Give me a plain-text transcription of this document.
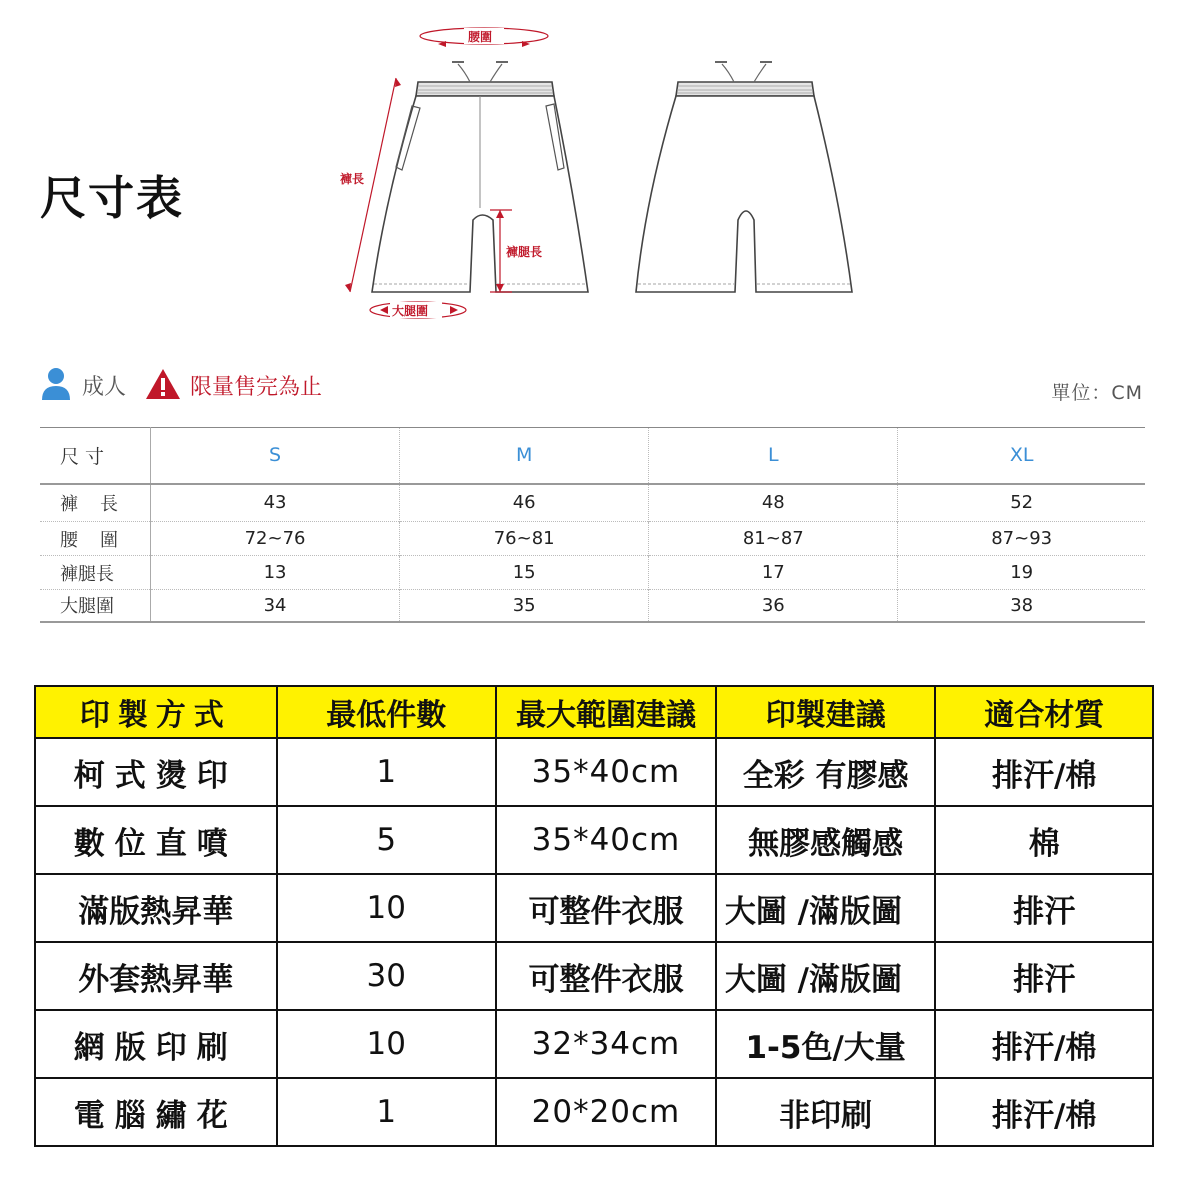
尺寸表
腰圍
褲長
褲腿長
大腿圍
成人	限量售完為止	單位：CM
尺寸	S	M	L	XL
褲長	43	46	48	52
腰圍	72~76	76~81	81~87	87~93
褲腿長	13	15	17	19
大腿圍	34	35	36	38
印製方式	最低件數	最大範圍建議	印製建議	適合材質
柯式燙印	1	35*40cm	全彩 有膠感	排汗/棉
數位直噴	5	35*40cm	無膠感觸感	棉
滿版熱昇華	10	可整件衣服	大圖 /滿版圖	排汗
外套熱昇華	30	可整件衣服	大圖 /滿版圖	排汗
網版印刷	10	32*34cm	1-5色/大量	排汗/棉
電腦繡花	1	20*20cm	非印刷	排汗/棉
